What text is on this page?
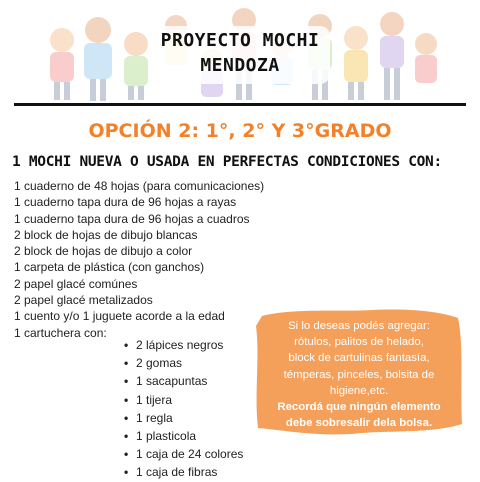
PROYECTO MOCHI
MENDOZA
OPCIÓN 2: 1°, 2° Y 3°GRADO
1 MOCHI NUEVA O USADA EN PERFECTAS CONDICIONES CON:
1 cuaderno de 48 hojas (para comunicaciones)
1 cuaderno tapa dura de 96 hojas a rayas
1 cuaderno tapa dura de 96 hojas a cuadros
2 block de hojas de dibujo blancas
2 block de hojas de dibujo a color
1 carpeta de plástica (con ganchos)
2 papel glacé comúnes
2 papel glacé metalizados
1 cuento y/o 1 juguete acorde a la edad
1 cartuchera con:
• 2 lápices negros
• 2 gomas
• 1 sacapuntas
• 1 tijera
• 1 regla
• 1 plasticola
• 1 caja de 24 colores
• 1 caja de fibras
Si lo deseas podés agregar:
rótulos, palitos de helado,
block de cartulinas fantasía,
témperas, pinceles, bolsita de
higiene,etc.
Recordá que ningún elemento
debe sobresalir dela bolsa.
